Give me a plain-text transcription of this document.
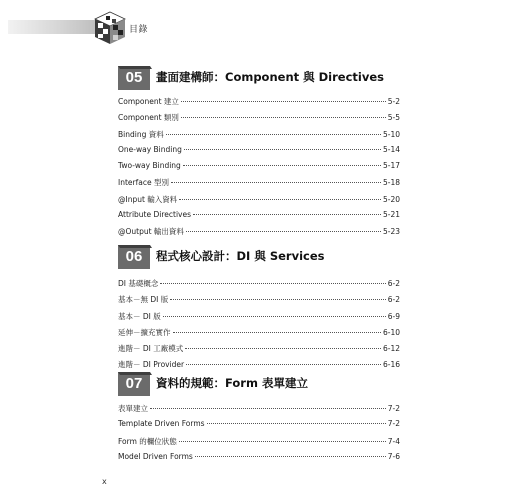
目錄
05	畫面建構師：Component 與 Directives
Component 建立	5-2
Component 類別	5-5
Binding 資料	5-10
One-way Binding	5-14
Two-way Binding	5-17
Interface 型別	5-18
@Input 輸入資料	5-20
Attribute Directives	5-21
@Output 輸出資料	5-23
06	程式核心設計：DI 與 Services
DI 基礎概念	6-2
基本－無 DI 版	6-2
基本－ DI 版	6-9
延伸－擴充實作	6-10
進階－ DI 工廠模式	6-12
進階－ DI Provider	6-16
07	資料的規範：Form 表單建立
表單建立	7-2
Template Driven Forms	7-2
Form 的欄位狀態	7-4
Model Driven Forms	7-6
x
